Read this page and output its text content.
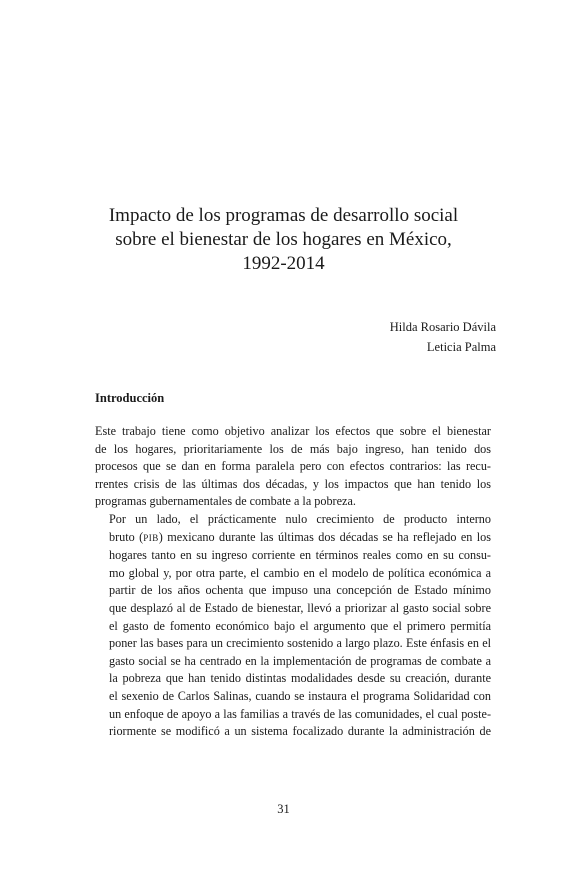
Impacto de los programas de desarrollo social
sobre el bienestar de los hogares en México,
1992-2014
Hilda Rosario Dávila
Leticia Palma
Introducción

Este trabajo tiene como objetivo analizar los efectos que sobre el bienestar
de los hogares, prioritariamente los de más bajo ingreso, han tenido dos
procesos que se dan en forma paralela pero con efectos contrarios: las recu-
rrentes crisis de las últimas dos décadas, y los impactos que han tenido los
programas gubernamentales de combate a la pobreza.

Por un lado, el prácticamente nulo crecimiento de producto interno
bruto (PIB) mexicano durante las últimas dos décadas se ha reflejado en los
hogares tanto en su ingreso corriente en términos reales como en su consu-
mo global y, por otra parte, el cambio en el modelo de política económica a
partir de los años ochenta que impuso una concepción de Estado mínimo
que desplazó al de Estado de bienestar, llevó a priorizar al gasto social sobre
el gasto de fomento económico bajo el argumento que el primero permitía
poner las bases para un crecimiento sostenido a largo plazo. Este énfasis en el
gasto social se ha centrado en la implementación de programas de combate a
la pobreza que han tenido distintas modalidades desde su creación, durante
el sexenio de Carlos Salinas, cuando se instaura el programa Solidaridad con
un enfoque de apoyo a las familias a través de las comunidades, el cual poste-
riormente se modificó a un sistema focalizado durante la administración de

31
